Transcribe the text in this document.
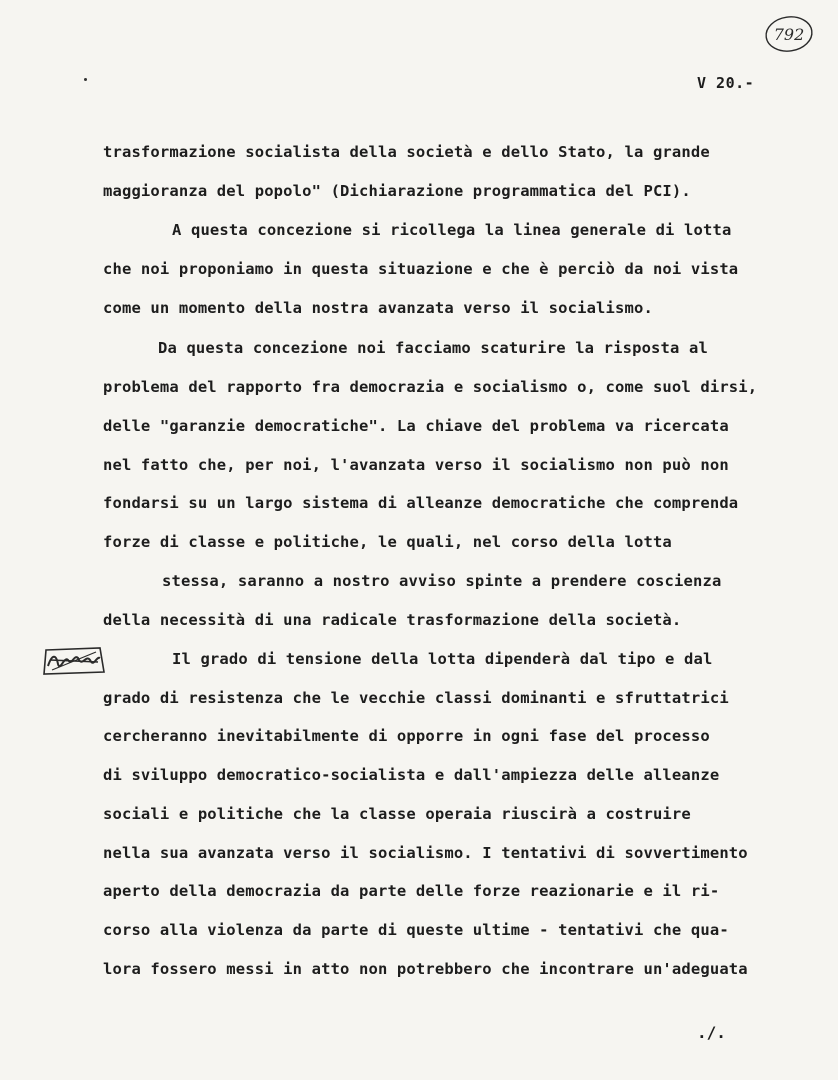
792
V 20.-
trasformazione socialista della società e dello Stato, la grande
maggioranza del popolo" (Dichiarazione programmatica del PCI).
A questa concezione si ricollega la linea generale di lotta
che noi proponiamo in questa situazione e che è perciò da noi vista
come un momento della nostra avanzata verso il socialismo.
Da questa concezione noi facciamo scaturire la risposta al
problema del rapporto fra democrazia e socialismo o, come suol dirsi,
delle "garanzie democratiche". La chiave del problema va ricercata
nel fatto che, per noi, l'avanzata verso il socialismo non può non
fondarsi su un largo sistema di alleanze democratiche che comprenda
forze di classe e politiche, le quali, nel corso della lotta
stessa, saranno a nostro avviso spinte a prendere coscienza
della necessità di una radicale trasformazione della società.
Il grado di tensione della lotta dipenderà dal tipo e dal
grado di resistenza che le vecchie classi dominanti e sfruttatrici
cercheranno inevitabilmente di opporre in ogni fase del processo
di sviluppo democratico-socialista e dall'ampiezza delle alleanze
sociali e politiche che la classe operaia riuscirà a costruire
nella sua avanzata verso il socialismo. I tentativi di sovvertimento
aperto della democrazia da parte delle forze reazionarie e il ri-
corso alla violenza da parte di queste ultime - tentativi che qua-
lora fossero messi in atto non potrebbero che incontrare un'adeguata
./.
